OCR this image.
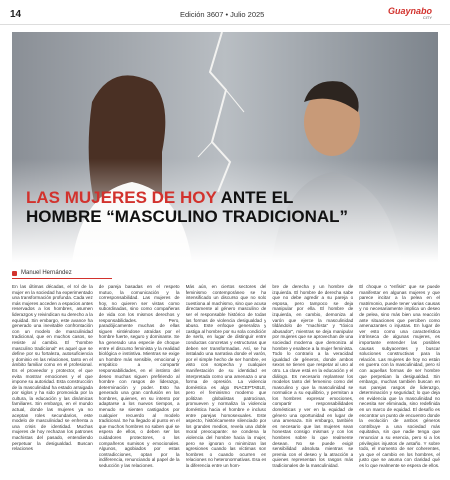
14	Edición 3607 • Julio 2025	Guaynabo
CITY
LAS MUJERES DE HOY ANTE EL
HOMBRE “MASCULINO TRADICIONAL”
Manuel Hernández

En las últimas décadas, el rol de la mujer en la sociedad ha experimentado una transformación profunda. Cada vez más mujeres acceden a espacios antes reservados a los hombres, asumen liderazgos y reivindican su derecho a la equidad. Sin embargo, este avance ha generado una inevitable confrontación con un modelo de masculinidad tradicional, que en muchos casos, se resiste al cambio. El “hombre masculino tradicional” es aquel que se define por su fortaleza, autosuficiencia y dominio en las relaciones, tanto en el ámbito familiar como en el profesional. Es el proveedor y protector, el que evita mostrar emociones y el que impone su autoridad. Esta construcción de la masculinidad ha estado arraigada por siglos y ha sido promovida por la cultura, la educación y las dinámicas familiares. Sin embargo, en el mundo actual, donde las mujeres ya no aceptan roles secundarios, este modelo de masculinidad se enfrenta a una crisis de identidad. Muchas mujeres de hoy rechazan los patrones machistas del pasado, entendiendo perpetuar la desigualdad. Buscan relaciones

de pareja basadas en el respeto mutuo, la comunicación y la corresponsabilidad. Las mujeres de hoy, no quieren ser vistas como subordinadas, sino como compañeras de vida con los mismos derechos y responsabilidades. Pero, paradójicamente muchas de ellas siguen sintiéndose atraídas por el hombre fuerte, seguro y dominante. Se ha generado una especie de choque entre el discurso feminista y la realidad biológica e instintiva. Mientras se exige un hombre más sensible, emocional y empático a compartir responsabilidades, en el instinto del deseo muchas siguen prefiriendo al hombre con rasgos de liderazgo, determinación y poder. Esto ha generado una gran confusión en los hombres, quienes, en su intento por adaptarse a los nuevos tiempos, a menudo se sienten castigados por cualquier recuerdo al modelo tradicional. Se ha llegado al punto en el que muchos hombres no saben qué se espera de ellos, o deben ser los cuidadores protectores, o los compañeros sumisos y emocionales. Algunos, agobiados por estas contradicciones, optan por la indiferencia, renunciando al papel de la seducción y las relaciones.

Más aún, en ciertos sectores del feminismo contemporáneo se ha intensificado un discurso que no solo cuestiona al machismo, sino que acusa directamente al género masculino de ser el responsable histórico de todas las formas de violencia desigualdad y abuso. Este enfoque generaliza y castiga al hombre por su sola condición de serlo, en lugar de distinguir entre conductas concretas y estructuras que deben ser transformadas. Así, se ha instalado una narrativa donde el varón, por el simple hecho de ser hombre, es visto con sospecha y cualquier manifestación de su identidad es interpretada como una amenaza o una forma de opresión. La violencia doméstica es algo INACEPTABLE, pero el feminismo moderno que politizan globalistas patrocinan, promueven y normaliza la violencia doméstica hacia el hombre e incluso entre parejas homosexuales. Este aspecto, históricamente silenciado por los grandes medios, revela una doble moral preocupante: se condena la violencia del hombre hacia la mujer, pero se ignoran o minimizan las agresiones cuando las víctimas son hombres o cuando ocurren en relaciones no heteronormativas. Esa es la diferencia entre un hom-

bre de derecha y un hombre de izquierda. El hombre de derecha sabe que no debe agredir a su pareja o esposa, pero tampoco se deja manipular por ella. El hombre de izquierda, en cambio, demoniza al varón que ejerce la masculinidad tildándolo de “machista” y “tóxico abusador”, mientras se deja manipular por mujeres que se aprovechan de una sociedad moderna que demoniza al hombre y enaltece a la mujer feminista. Todo lo contrario a la veracidad igualdad de géneros, donde ambos sexos se tienen que respetar al uno al otro. La clave está en la educación y el diálogo. Es necesario replantear los modelos tanto del femenino como del masculino y que la masculinidad se normalice a su equilibrio, y permitan a los hombres expresar emociones, compartir responsabilidades domésticas y ver en la equidad de género una oportunidad en lugar de una amenaza. Sin embargo, también es necesario que las mujeres sean honestas consigo mismas y con los hombres sobre lo que realmente desean. No se puede exigir sensibilidad absoluta mientras se premia con el deseo y la atracción a quienes representan los rasgos más tradicionales de la masculinidad.

El choque o “enfisis” que se puede manifestar en algunas mujeres y que parece incitar a la pelea en el matrimonio, puede tener varias causas y no necesariamente implica un deseo de pelea, sino más bien una reacción ante situaciones que perciben como amenazantes o injustas. En lugar de ver esto como una característica intrínseca de algunas mujeres, es importante entender las posibles causas subyacentes y buscar soluciones constructivas para la relación. Las mujeres de hoy no están en guerra con la masculinidad, pero sí con aquellas formas de ser hombre que perpetúan la desigualdad. Sin embargo, muchas también buscan en sus parejas rasgos de liderazgo, determinación y seguridad; lo que deja en evidencia que la masculinidad no necesita ser eliminada, sino redefinida en un marco de equidad. El desafío es encontrar un punto de encuentro donde la evolución de ambos géneros contribuye a una sociedad más equitativa, sin que nadie tenga que renunciar a su esencia, pero si a los privilegios injustos de antaño. Y sobre todo, el momento de ser coherentes, ya que el cambio en los hombres, el justo que se asuma con claridad qué es lo que realmente se espera de ellos.
